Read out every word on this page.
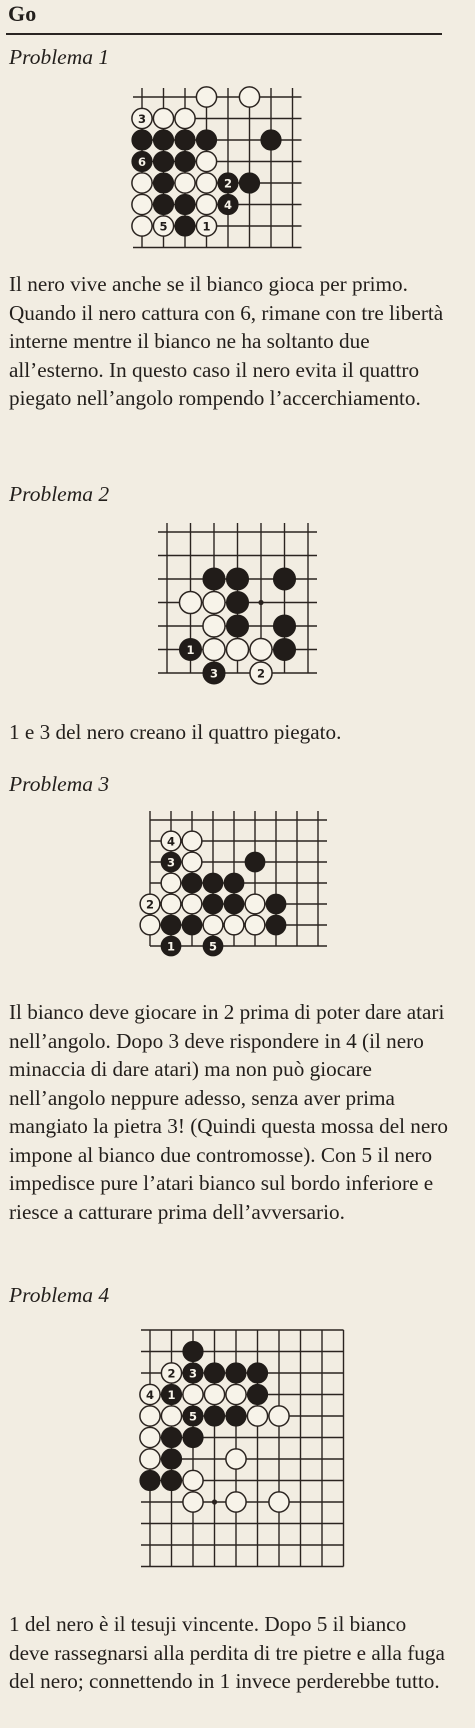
Go
Problema 1
3
6
2
4
5	1

Il nero vive anche se il bianco gioca per primo. Quando il nero cattura con 6, rimane con tre libertà interne mentre il bianco ne ha soltanto due all’esterno. In questo caso il nero evita il quattro piegato nell’angolo rompendo l’accerchiamento.

Problema 2
1
3	2

1 e 3 del nero creano il quattro piegato.

Problema 3
4
3
2
1	5

Il bianco deve giocare in 2 prima di poter dare atari nell’angolo. Dopo 3 deve rispondere in 4 (il nero minaccia di dare atari) ma non può giocare nell’angolo neppure adesso, senza aver prima mangiato la pietra 3! (Quindi questa mossa del nero impone al bianco due contromosse). Con 5 il nero impedisce pure l’atari bianco sul bordo inferiore e riesce a catturare prima dell’avversario.

Problema 4
2 3
4 1
5

1 del nero è il tesuji vincente. Dopo 5 il bianco deve rassegnarsi alla perdita di tre pietre e alla fuga del nero; connettendo in 1 invece perderebbe tutto.
